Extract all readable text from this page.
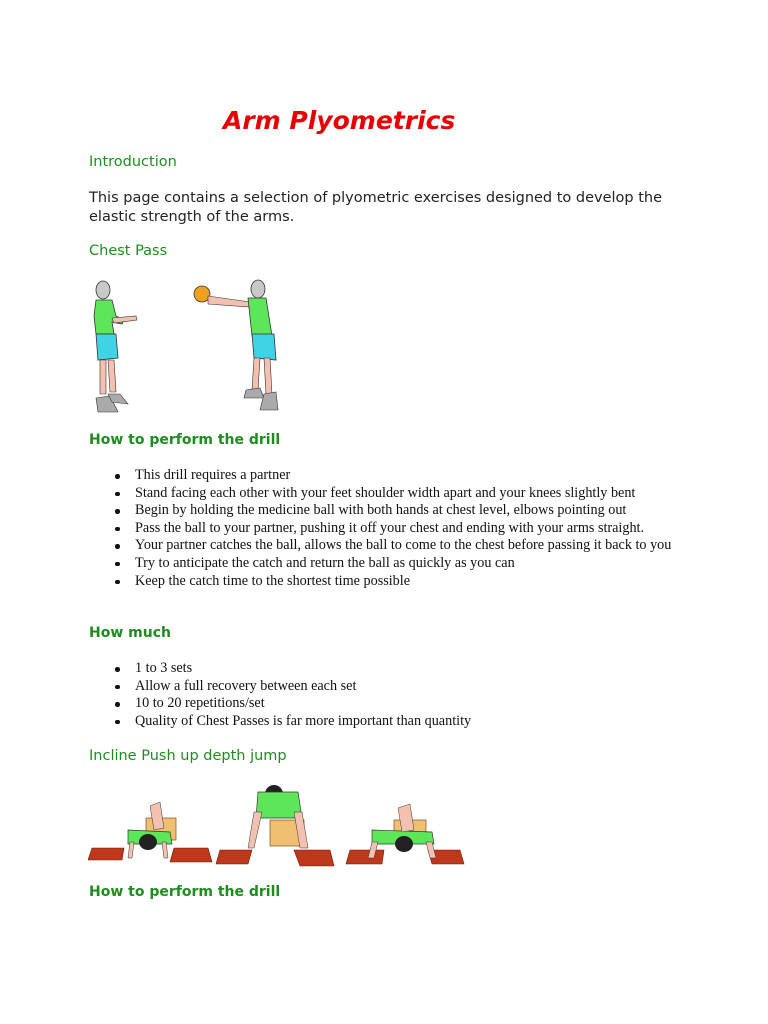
Arm Plyometrics
Introduction

This page contains a selection of plyometric exercises designed to develop the elastic strength of the arms.

Chest Pass
How to perform the drill
This drill requires a partner
Stand facing each other with your feet shoulder width apart and your knees slightly bent
Begin by holding the medicine ball with both hands at chest level, elbows pointing out
Pass the ball to your partner, pushing it off your chest and ending with your arms straight.
Your partner catches the ball, allows the ball to come to the chest before passing it back to you
Try to anticipate the catch and return the ball as quickly as you can
Keep the catch time to the shortest time possible
How much
1 to 3 sets
Allow a full recovery between each set
10 to 20 repetitions/set
Quality of Chest Passes is far more important than quantity
Incline Push up depth jump
How to perform the drill
